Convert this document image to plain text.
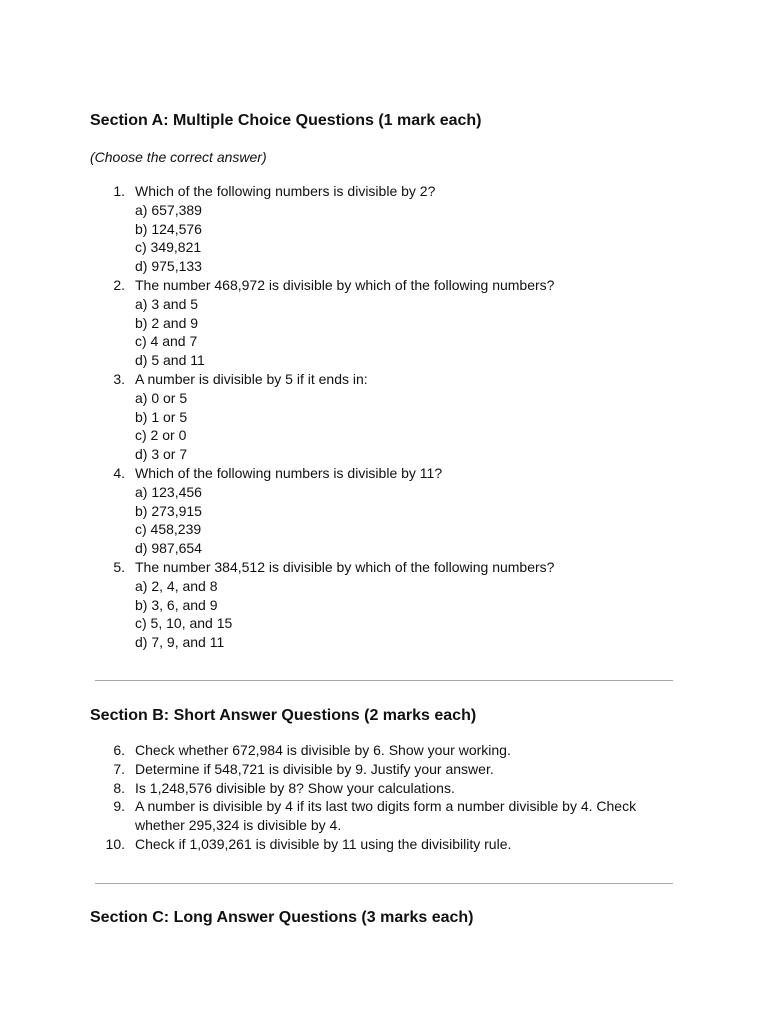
Section A: Multiple Choice Questions (1 mark each)

(Choose the correct answer)

1. Which of the following numbers is divisible by 2?
a) 657,389
b) 124,576
c) 349,821
d) 975,133
2. The number 468,972 is divisible by which of the following numbers?
a) 3 and 5
b) 2 and 9
c) 4 and 7
d) 5 and 11
3. A number is divisible by 5 if it ends in:
a) 0 or 5
b) 1 or 5
c) 2 or 0
d) 3 or 7
4. Which of the following numbers is divisible by 11?
a) 123,456
b) 273,915
c) 458,239
d) 987,654
5. The number 384,512 is divisible by which of the following numbers?
a) 2, 4, and 8
b) 3, 6, and 9
c) 5, 10, and 15
d) 7, 9, and 11
Section B: Short Answer Questions (2 marks each)
6. Check whether 672,984 is divisible by 6. Show your working.
7. Determine if 548,721 is divisible by 9. Justify your answer.
8. Is 1,248,576 divisible by 8? Show your calculations.
9. A number is divisible by 4 if its last two digits form a number divisible by 4. Check whether 295,324 is divisible by 4.
10. Check if 1,039,261 is divisible by 11 using the divisibility rule.
Section C: Long Answer Questions (3 marks each)
